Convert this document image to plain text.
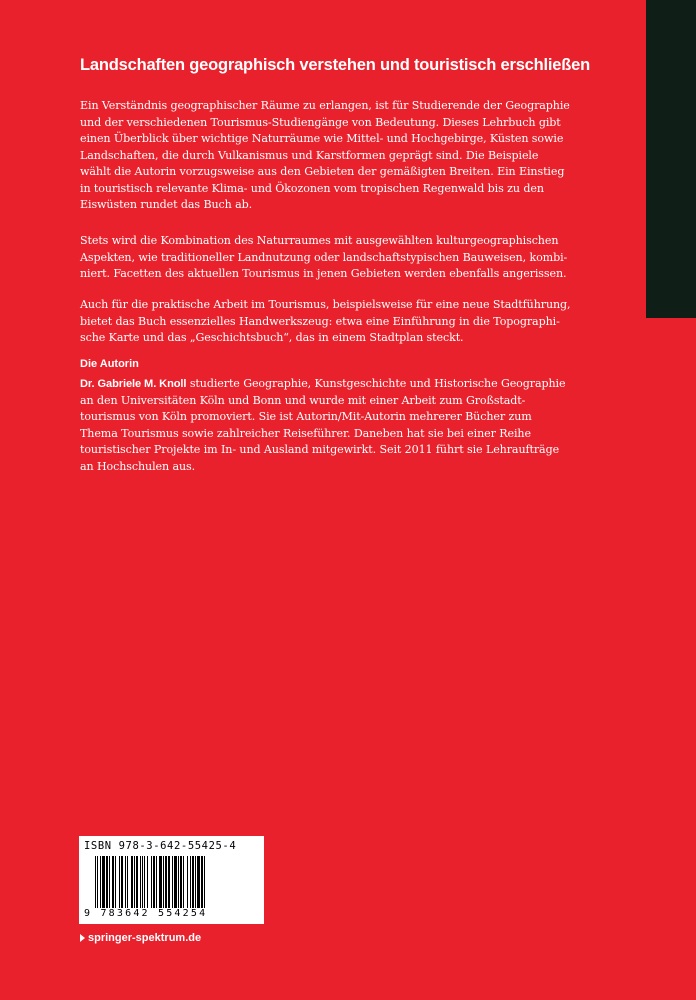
Landschaften geographisch verstehen und touristisch erschließen
Ein Verständnis geographischer Räume zu erlangen, ist für Studierende der Geographie
und der verschiedenen Tourismus-Studiengänge von Bedeutung. Dieses Lehrbuch gibt
einen Überblick über wichtige Naturräume wie Mittel- und Hochgebirge, Küsten sowie
Landschaften, die durch Vulkanismus und Karstformen geprägt sind. Die Beispiele
wählt die Autorin vorzugsweise aus den Gebieten der gemäßigten Breiten. Ein Einstieg
in touristisch relevante Klima- und Ökozonen vom tropischen Regenwald bis zu den
Eiswüsten rundet das Buch ab.
Stets wird die Kombination des Naturraumes mit ausgewählten kulturgeographischen
Aspekten, wie traditioneller Landnutzung oder landschaftstypischen Bauweisen, kombi-
niert. Facetten des aktuellen Tourismus in jenen Gebieten werden ebenfalls angerissen.
Auch für die praktische Arbeit im Tourismus, beispielsweise für eine neue Stadtführung,
bietet das Buch essenzielles Handwerkszeug: etwa eine Einführung in die Topographi-
sche Karte und das „Geschichtsbuch“, das in einem Stadtplan steckt.
Die Autorin
Dr. Gabriele M. Knoll studierte Geographie, Kunstgeschichte und Historische Geographie
an den Universitäten Köln und Bonn und wurde mit einer Arbeit zum Großstadt-
tourismus von Köln promoviert. Sie ist Autorin/Mit-Autorin mehrerer Bücher zum
Thema Tourismus sowie zahlreicher Reiseführer. Daneben hat sie bei einer Reihe
touristischer Projekte im In- und Ausland mitgewirkt. Seit 2011 führt sie Lehraufträge
an Hochschulen aus.
ISBN 978-3-642-55425-4
9 783642 554254
springer-spektrum.de
